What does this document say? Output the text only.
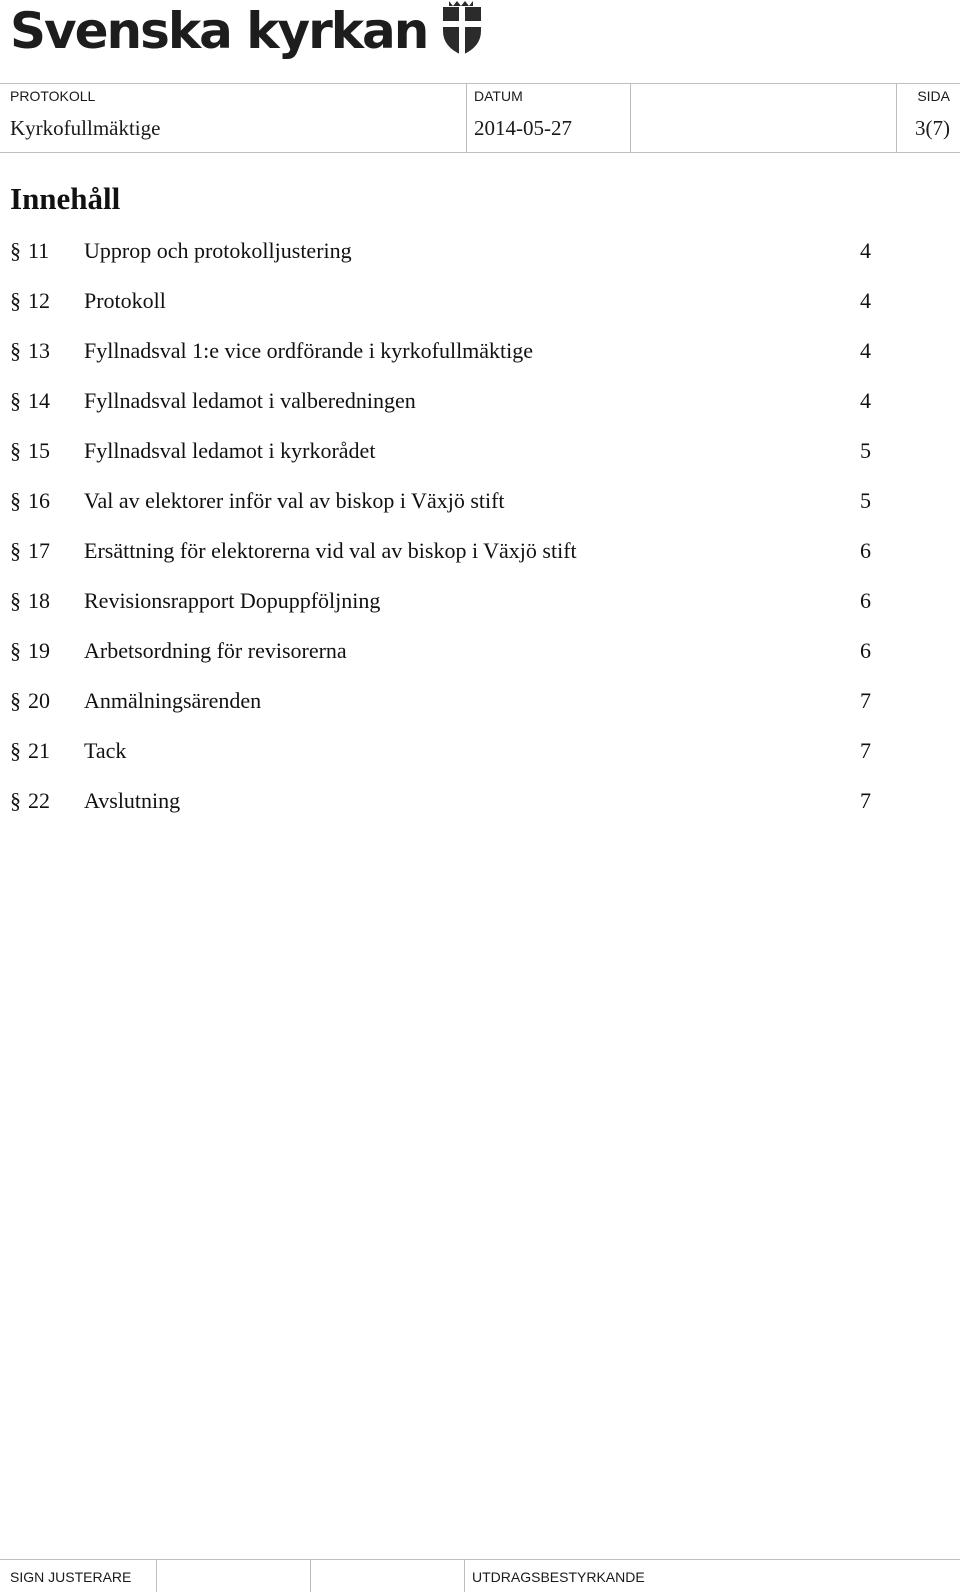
Svenska kyrkan
PROTOKOLL
Kyrkofullmäktige
DATUM
2014-05-27
SIDA
3(7)
Innehåll
§ 11 Upprop och protokolljustering	4
§ 12 Protokoll	4
§ 13 Fyllnadsval 1:e vice ordförande i kyrkofullmäktige	4
§ 14 Fyllnadsval ledamot i valberedningen	4
§ 15 Fyllnadsval ledamot i kyrkorådet	5
§ 16 Val av elektorer inför val av biskop i Växjö stift	5
§ 17 Ersättning för elektorerna vid val av biskop i Växjö stift	6
§ 18 Revisionsrapport Dopuppföljning	6
§ 19 Arbetsordning för revisorerna	6
§ 20 Anmälningsärenden	7
§ 21 Tack	7
§ 22 Avslutning	7
SIGN JUSTERARE	UTDRAGSBESTYRKANDE
